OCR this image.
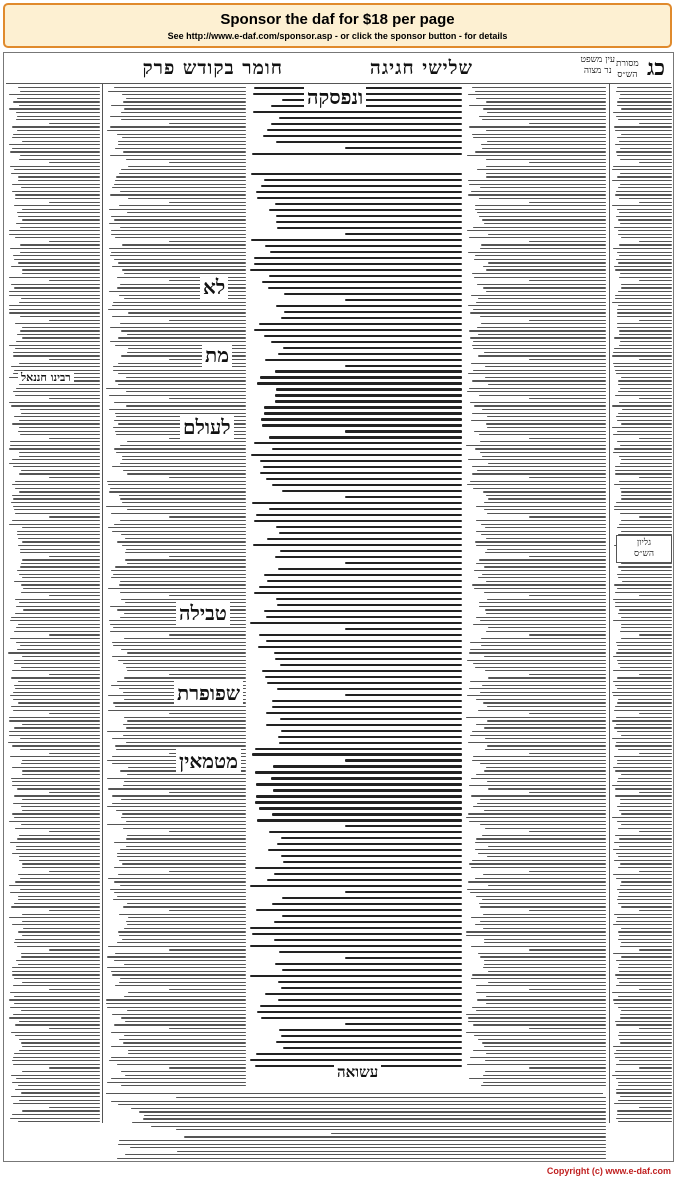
Sponsor the daf for $18 per page
See http://www.e-daf.com/sponsor.asp - or click the sponsor button - for details
כג
עין משפט
נר מצוה
שלישי חגיגה
חומר בקודש פרק	מסורת
הש״ס
רבינו חננאל
גליון
הש״ס
ונפסקה
לא
מת
לעולם
טבילה
שפופרת
מטמאין
עשואה
Copyright (c) www.e-daf.com
